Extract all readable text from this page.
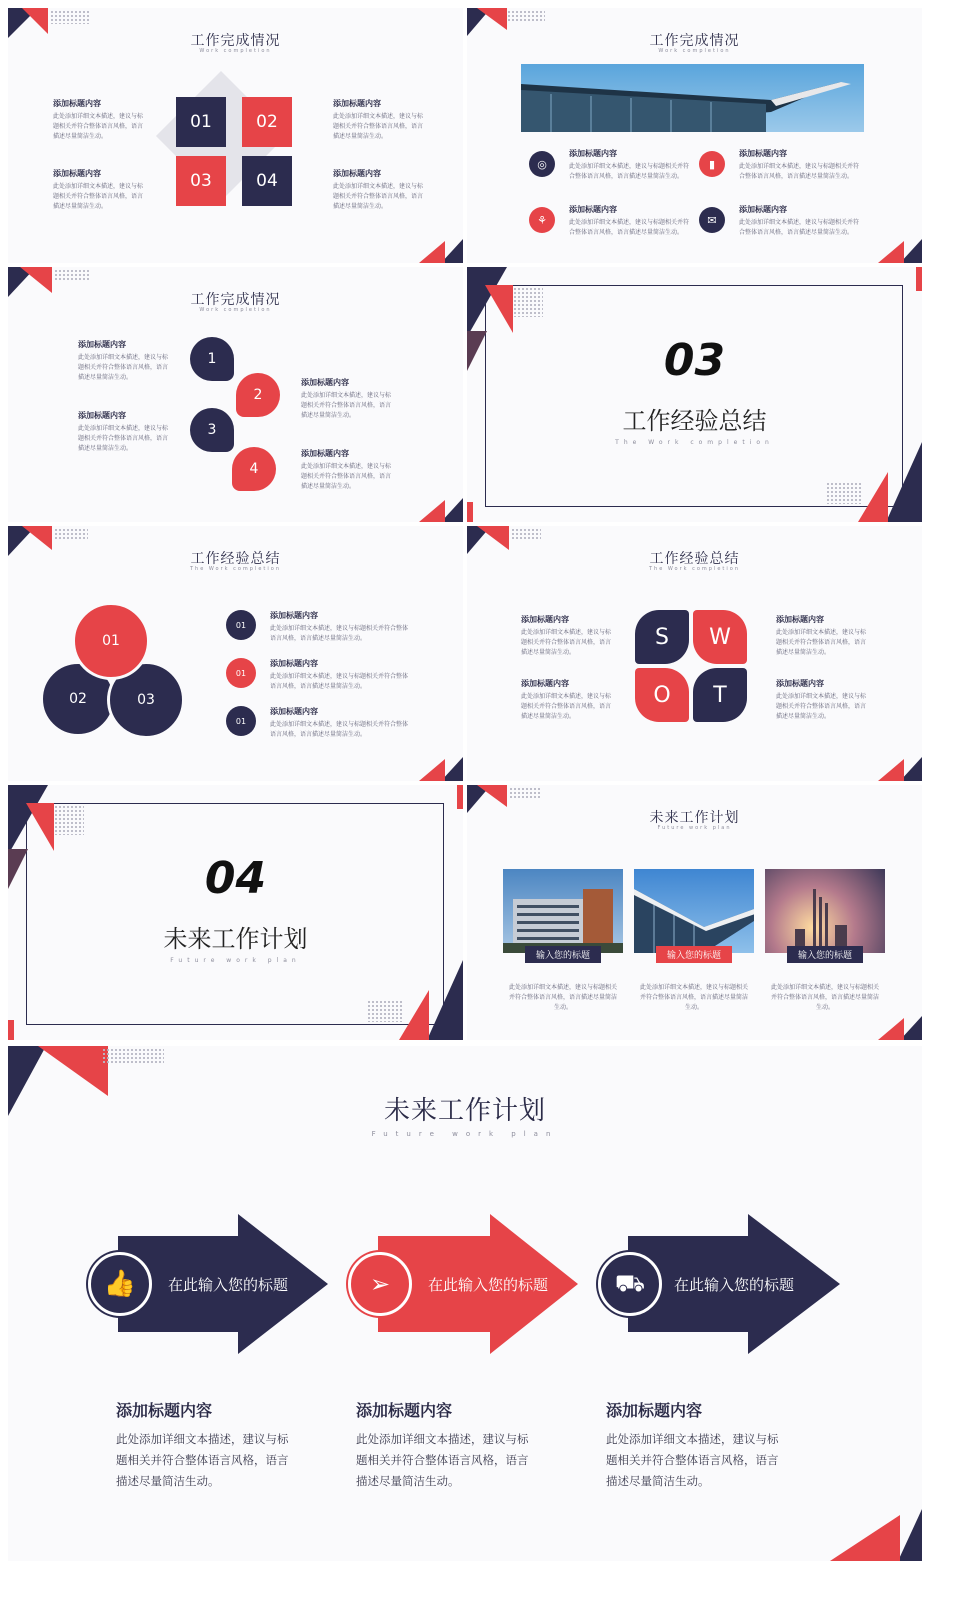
工作完成情况
Work completion
01	02
03	04
添加标题内容

此处添加详细文本描述，建议与标题相关并符合整体语言风格，语言描述尽量简洁生动。

添加标题内容

此处添加详细文本描述，建议与标题相关并符合整体语言风格，语言描述尽量简洁生动。

添加标题内容

此处添加详细文本描述，建议与标题相关并符合整体语言风格，语言描述尽量简洁生动。

添加标题内容

此处添加详细文本描述，建议与标题相关并符合整体语言风格，语言描述尽量简洁生动。

工作完成情况
Work completion
◎
添加标题内容

此处添加详细文本描述，建议与标题相关并符合整体语言风格，语言描述尽量简洁生动。

▮
添加标题内容

此处添加详细文本描述，建议与标题相关并符合整体语言风格，语言描述尽量简洁生动。

⚘
添加标题内容

此处添加详细文本描述，建议与标题相关并符合整体语言风格，语言描述尽量简洁生动。

✉
添加标题内容

此处添加详细文本描述，建议与标题相关并符合整体语言风格，语言描述尽量简洁生动。

工作完成情况
Work completion
1
2
3
4
添加标题内容

此处添加详细文本描述，建议与标题相关并符合整体语言风格，语言描述尽量简洁生动。

添加标题内容

此处添加详细文本描述，建议与标题相关并符合整体语言风格，语言描述尽量简洁生动。

添加标题内容

此处添加详细文本描述，建议与标题相关并符合整体语言风格，语言描述尽量简洁生动。

添加标题内容

此处添加详细文本描述，建议与标题相关并符合整体语言风格，语言描述尽量简洁生动。

03
工作经验总结
The Work completion
工作经验总结
The Work completion
02	03
01
01
添加标题内容

此处添加详细文本描述，建议与标题相关并符合整体语言风格，语言描述尽量简洁生动。

01
添加标题内容

此处添加详细文本描述，建议与标题相关并符合整体语言风格，语言描述尽量简洁生动。

01
添加标题内容

此处添加详细文本描述，建议与标题相关并符合整体语言风格，语言描述尽量简洁生动。

工作经验总结
The Work completion
S	W
O	T
添加标题内容

此处添加详细文本描述，建议与标题相关并符合整体语言风格，语言描述尽量简洁生动。

添加标题内容

此处添加详细文本描述，建议与标题相关并符合整体语言风格，语言描述尽量简洁生动。

添加标题内容

此处添加详细文本描述，建议与标题相关并符合整体语言风格，语言描述尽量简洁生动。

添加标题内容

此处添加详细文本描述，建议与标题相关并符合整体语言风格，语言描述尽量简洁生动。

04
未来工作计划
Future work plan
未来工作计划
Future work plan
输入您的标题
此处添加详细文本描述，建议与标题相关并符合整体语言风格，语言描述尽量简洁生动。
输入您的标题
此处添加详细文本描述，建议与标题相关并符合整体语言风格，语言描述尽量简洁生动。
输入您的标题
此处添加详细文本描述，建议与标题相关并符合整体语言风格，语言描述尽量简洁生动。
未来工作计划
Future work plan
👍 在此输入您的标题
添加标题内容

此处添加详细文本描述，建议与标题相关并符合整体语言风格，语言描述尽量简洁生动。

➢	在此输入您的标题
添加标题内容

此处添加详细文本描述，建议与标题相关并符合整体语言风格，语言描述尽量简洁生动。

⛟ 在此输入您的标题
添加标题内容

此处添加详细文本描述，建议与标题相关并符合整体语言风格，语言描述尽量简洁生动。
